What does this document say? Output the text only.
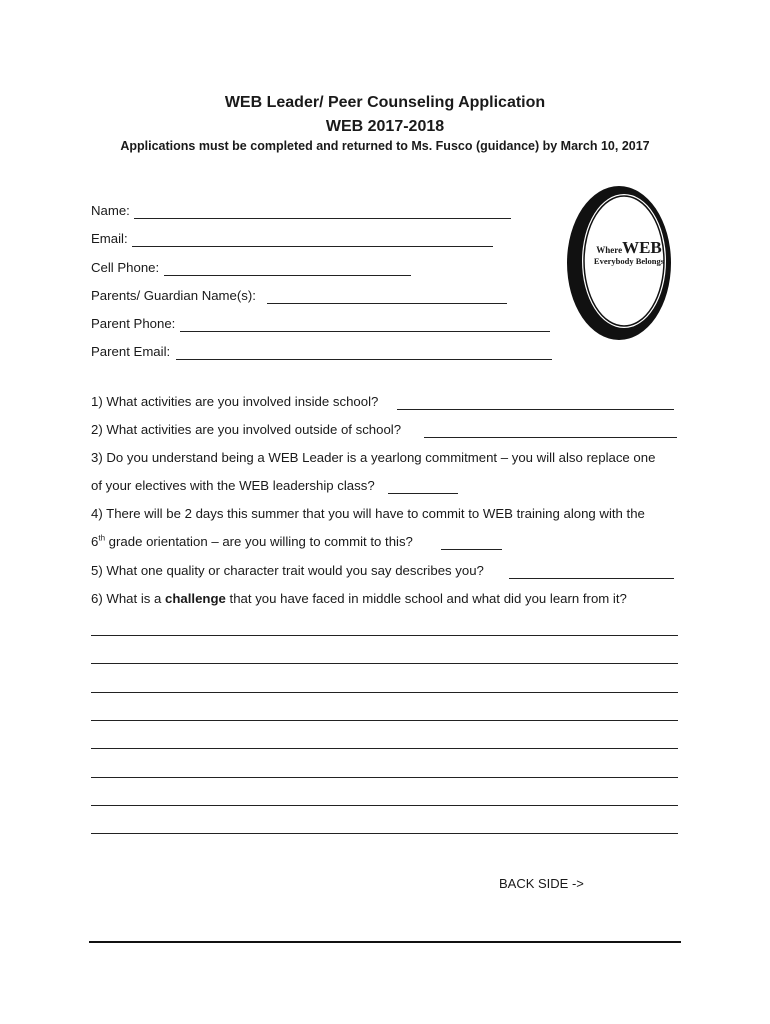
WEB Leader/ Peer Counseling Application
WEB 2017-2018
Applications must be completed and returned to Ms. Fusco (guidance) by March 10, 2017
Name:
Email:
Cell Phone:
Parents/ Guardian Name(s):
Parent Phone:
Parent Email:
WhereWEB
Everybody Belongs
1) What activities are you involved inside school?
2) What activities are you involved outside of school?
3) Do you understand being a WEB Leader is a yearlong commitment – you will also replace one
of your electives with the WEB leadership class?
4) There will be 2 days this summer that you will have to commit to WEB training along with the
6th grade orientation – are you willing to commit to this?
5) What one quality or character trait would you say describes you?
6) What is a challenge that you have faced in middle school and what did you learn from it?
BACK SIDE ->
